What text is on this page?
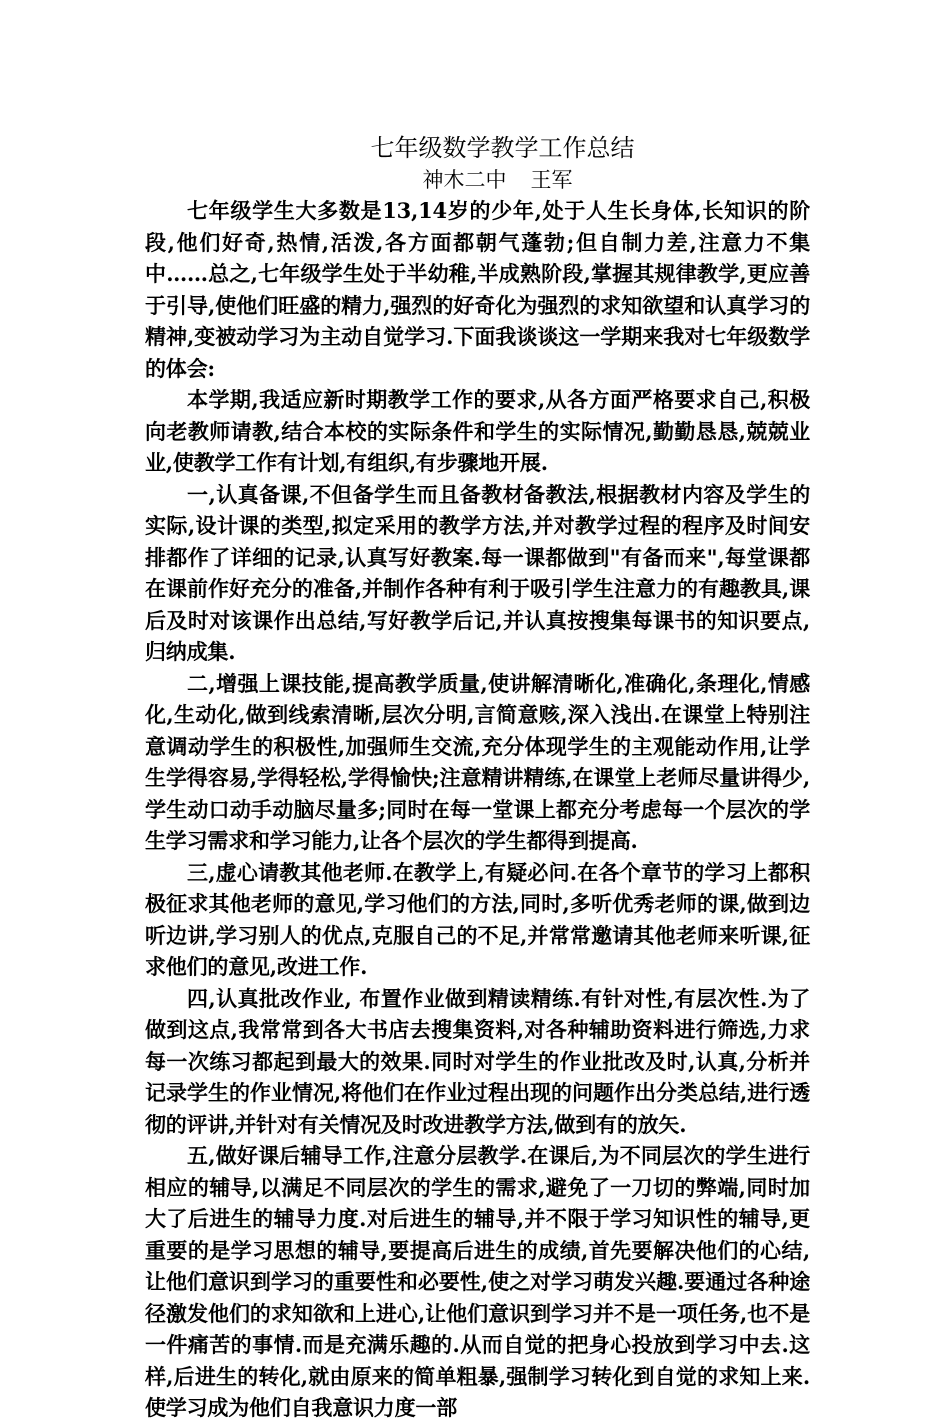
七年级数学教学工作总结

神木二中 王军

七年级学生大多数是13,14岁的少年,处于人生长身体,长知识的阶段,他们好奇,热情,活泼,各方面都朝气蓬勃;但自制力差,注意力不集中……总之,七年级学生处于半幼稚,半成熟阶段,掌握其规律教学,更应善于引导,使他们旺盛的精力,强烈的好奇化为强烈的求知欲望和认真学习的精神,变被动学习为主动自觉学习.下面我谈谈这一学期来我对七年级数学的体会:

本学期,我适应新时期教学工作的要求,从各方面严格要求自己,积极向老教师请教,结合本校的实际条件和学生的实际情况,勤勤恳恳,兢兢业业,使教学工作有计划,有组织,有步骤地开展.

一,认真备课,不但备学生而且备教材备教法,根据教材内容及学生的实际,设计课的类型,拟定采用的教学方法,并对教学过程的程序及时间安排都作了详细的记录,认真写好教案.每一课都做到"有备而来",每堂课都在课前作好充分的准备,并制作各种有利于吸引学生注意力的有趣教具,课后及时对该课作出总结,写好教学后记,并认真按搜集每课书的知识要点,归纳成集.

二,增强上课技能,提高教学质量,使讲解清晰化,准确化,条理化,情感化,生动化,做到线索清晰,层次分明,言简意赅,深入浅出.在课堂上特别注意调动学生的积极性,加强师生交流,充分体现学生的主观能动作用,让学生学得容易,学得轻松,学得愉快;注意精讲精练,在课堂上老师尽量讲得少,学生动口动手动脑尽量多;同时在每一堂课上都充分考虑每一个层次的学生学习需求和学习能力,让各个层次的学生都得到提高.

三,虚心请教其他老师.在教学上,有疑必问.在各个章节的学习上都积极征求其他老师的意见,学习他们的方法,同时,多听优秀老师的课,做到边听边讲,学习别人的优点,克服自己的不足,并常常邀请其他老师来听课,征求他们的意见,改进工作.

四,认真批改作业, 布置作业做到精读精练.有针对性,有层次性.为了做到这点,我常常到各大书店去搜集资料,对各种辅助资料进行筛选,力求每一次练习都起到最大的效果.同时对学生的作业批改及时,认真,分析并记录学生的作业情况,将他们在作业过程出现的问题作出分类总结,进行透彻的评讲,并针对有关情况及时改进教学方法,做到有的放矢.

五,做好课后辅导工作,注意分层教学.在课后,为不同层次的学生进行相应的辅导,以满足不同层次的学生的需求,避免了一刀切的弊端,同时加大了后进生的辅导力度.对后进生的辅导,并不限于学习知识性的辅导,更重要的是学习思想的辅导,要提高后进生的成绩,首先要解决他们的心结,让他们意识到学习的重要性和必要性,使之对学习萌发兴趣.要通过各种途径激发他们的求知欲和上进心,让他们意识到学习并不是一项任务,也不是一件痛苦的事情.而是充满乐趣的.从而自觉的把身心投放到学习中去.这样,后进生的转化,就由原来的简单粗暴,强制学习转化到自觉的求知上来.使学习成为他们自我意识力度一部
